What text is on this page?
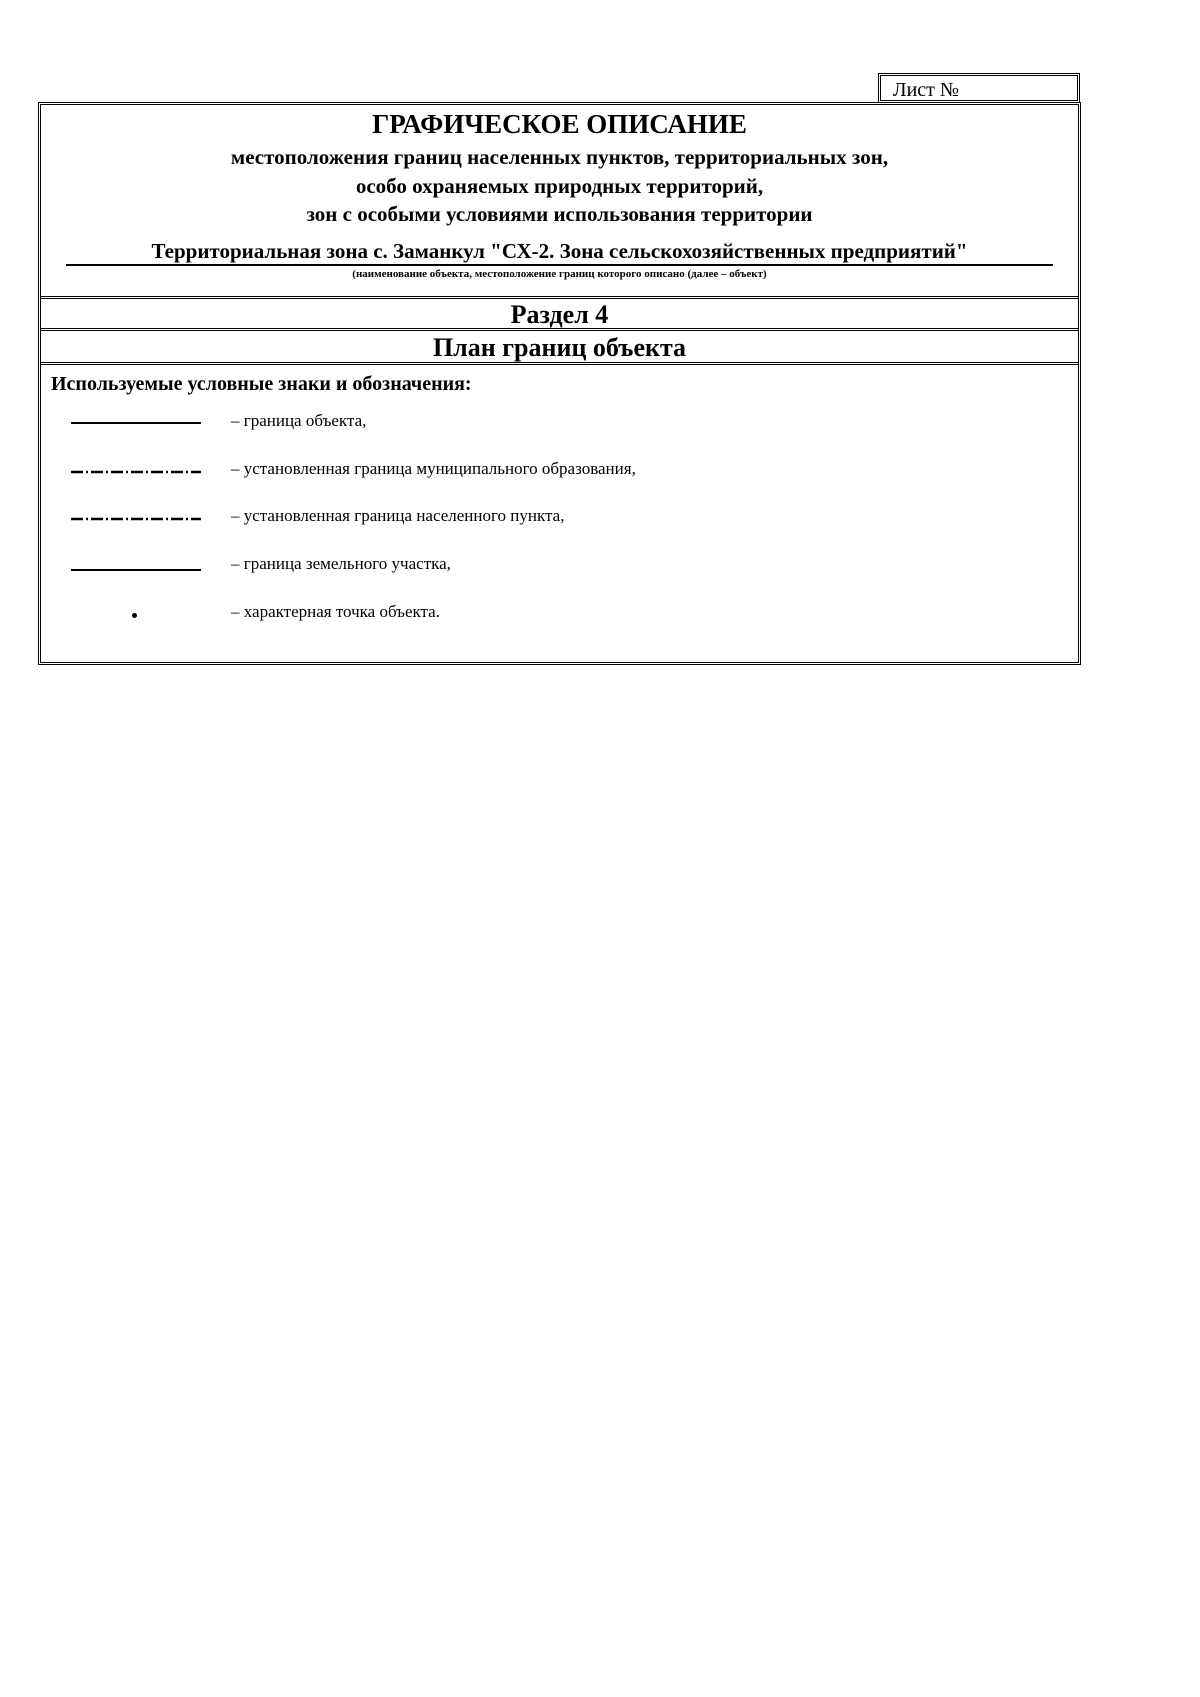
Лист №
ГРАФИЧЕСКОЕ ОПИСАНИЕ
местоположения границ населенных пунктов, территориальных зон,
особо охраняемых природных территорий,
зон с особыми условиями использования территории
Территориальная зона с. Заманкул "СХ-2. Зона сельскохозяйственных предприятий"
(наименование объекта, местоположение границ которого описано (далее – объект)
Раздел 4
План границ объекта
Используемые условные знаки и обозначения:
– граница объекта,
– установленная граница муниципального образования,
– установленная граница населенного пункта,
– граница земельного участка,
– характерная точка объекта.
